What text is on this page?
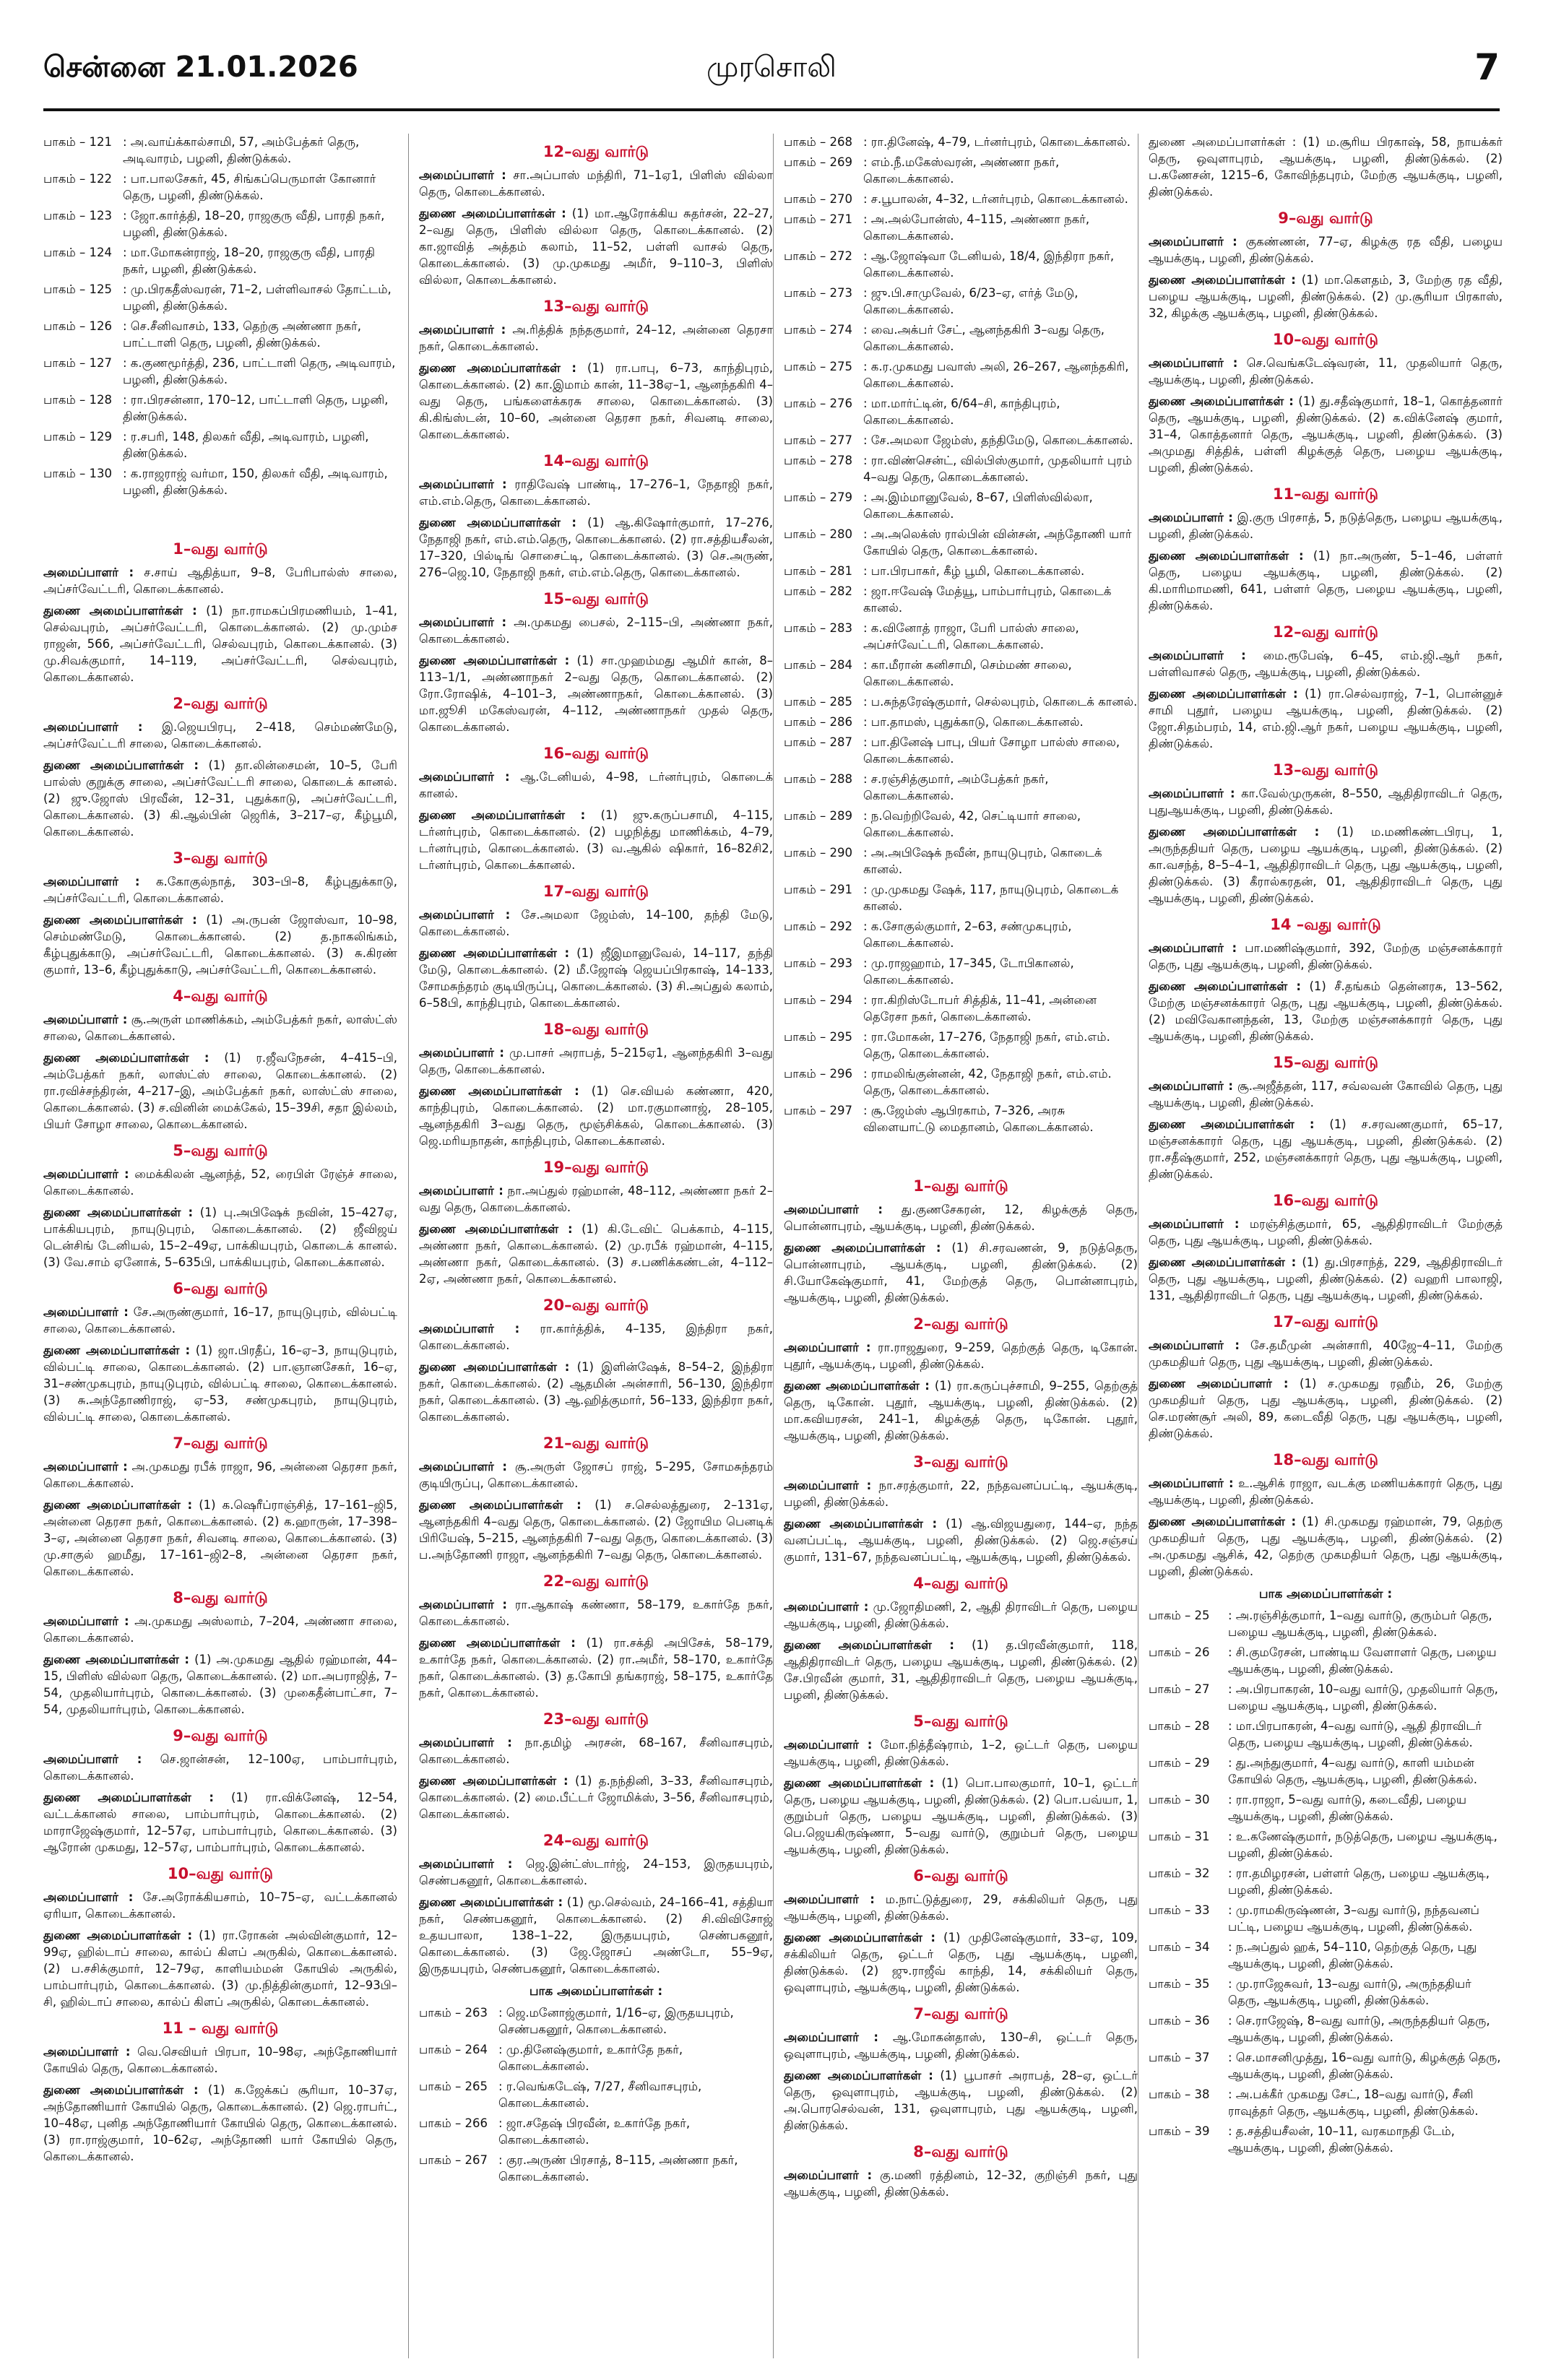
சென்னை 21.01.2026	முரசொலி	7
பாகம் – 121 : அ.வாய்க்கால்சாமி, 57, அம்பேத்கர் தெரு, அடிவாரம், பழனி, திண்டுக்கல்.
பாகம் – 122 : பா.பாலசேகர், 45, சிங்கப்பெருமாள் கோனார் தெரு, பழனி, திண்டுக்கல்.
பாகம் – 123 : ஜோ.கார்த்தி, 18–20, ராஜகுரு வீதி, பாரதி நகர், பழனி, திண்டுக்கல்.
பாகம் – 124 : மா.மோகன்ராஜ், 18–20, ராஜகுரு வீதி, பாரதி நகர், பழனி, திண்டுக்கல்.
பாகம் – 125 : மு.பிரகதீஸ்வரன், 71–2, பள்ளிவாசல் தோட்டம், பழனி, திண்டுக்கல்.
பாகம் – 126 : செ.சீனிவாசம், 133, தெற்கு அண்ணா நகர், பாட்டாளி தெரு, பழனி, திண்டுக்கல்.
பாகம் – 127 : க.குணமூர்த்தி, 236, பாட்டாளி தெரு, அடிவாரம், பழனி, திண்டுக்கல்.
பாகம் – 128 : ரா.பிரசன்னா, 170–12, பாட்டாளி தெரு, பழனி, திண்டுக்கல்.
பாகம் – 129 : ர.சபரி, 148, திலகர் வீதி, அடிவாரம், பழனி, திண்டுக்கல்.
பாகம் – 130 : க.ராஜராஜ் வர்மா, 150, திலகர் வீதி, அடிவாரம், பழனி, திண்டுக்கல்.
1–வது வார்டு
அமைப்பாளர் : ச.சாய் ஆதித்யா, 9–8, பேரிபால்ஸ் சாலை, அப்சர்வேட்டரி, கொடைக்கானல்.
துணை அமைப்பாளர்கள் : (1) நா.ராமகப்பிரமணியம், 1–41, செல்வபுரம், அப்சர்வேட்டரி, கொடைக்கானல். (2) மு.மும்ச ராஜன், 566, அப்சர்வேட்டரி, செல்வபுரம், கொடைக்கானல். (3) மு.சிவக்குமார், 14–119, அப்சர்வேட்டரி, செல்வபுரம், கொடைக்கானல்.
2–வது வார்டு
அமைப்பாளர் : இ.ஜெயபிரபு, 2–418, செம்மண்மேடு, அப்சர்வேட்டரி சாலை, கொடைக்கானல்.
துணை அமைப்பாளர்கள் : (1) தா.லின்சைமன், 10–5, பேரி பால்ஸ் குறுக்கு சாலை, அப்சர்வேட்டரி சாலை, கொடைக் கானல். (2) ஜு.ஜோஸ் பிரவீன், 12–31, புதுக்காடு, அப்சர்வேட்டரி, கொடைக்கானல். (3) கி.ஆல்பின் ஜெரிக், 3–217–ஏ, கீழ்பூமி, கொடைக்கானல்.
3–வது வார்டு
அமைப்பாளர் : க.கோகுல்நாத், 303–பி–8, கீழ்புதுக்காடு, அப்சர்வேட்டரி, கொடைக்கானல்.
துணை அமைப்பாளர்கள் : (1) அ.ருபன் ஜோஸ்வா, 10–98, செம்மண்மேடு, கொடைக்கானல். (2) த.நாகலிங்கம், கீழ்புதுக்காடு, அப்சர்வேட்டரி, கொடைக்கானல். (3) சு.கிரண் குமார், 13–6, கீழ்புதுக்காடு, அப்சர்வேட்டரி, கொடைக்கானல்.
4–வது வார்டு
அமைப்பாளர் : சூ.அருள் மாணிக்கம், அம்பேத்கர் நகர், லாஸ்ட்ஸ் சாலை, கொடைக்கானல்.
துணை அமைப்பாளர்கள் : (1) ர.ஜீவநேசன், 4–415–பி, அம்பேத்கர் நகர், லாஸ்ட்ஸ் சாலை, கொடைக்கானல். (2) ரா.ரவிச்சந்திரன், 4–217–இ, அம்பேத்கர் நகர், லாஸ்ட்ஸ் சாலை, கொடைக்கானல். (3) ச.வினின் மைக்கேல், 15–39சி, சதா இல்லம், பியர் சோழா சாலை, கொடைக்கானல்.
5–வது வார்டு
அமைப்பாளர் : மைக்கிலன் ஆனந்த், 52, ரைபிள் ரேஞ்ச் சாலை, கொடைக்கானல்.
துணை அமைப்பாளர்கள் : (1) பு.அபிஷேக் நவின், 15–427ஏ, பாக்கியபுரம், நாயுடுபுரம், கொடைக்கானல். (2) ஜீவிஜய் டென்சிங் டேனியல், 15–2–49ஏ, பாக்கியபுரம், கொடைக் கானல். (3) வே.சாம் ஏனோக், 5–635பி, பாக்கியபுரம், கொடைக்கானல்.
6–வது வார்டு
அமைப்பாளர் : சே.அருண்குமார், 16–17, நாயுடுபுரம், வில்பட்டி சாலை, கொடைக்கானல்.
துணை அமைப்பாளர்கள் : (1) ஜா.பிரதீப், 16–ஏ–3, நாயுடுபுரம், வில்பட்டி சாலை, கொடைக்கானல். (2) பா.ஞானசேகர், 16–ஏ, 31–சண்முகபுரம், நாயுடுபுரம், வில்பட்டி சாலை, கொடைக்கானல். (3) சு.அந்தோணிராஜ், ஏ–53, சண்முகபுரம், நாயுடுபுரம், வில்பட்டி சாலை, கொடைக்கானல்.
7–வது வார்டு
அமைப்பாளர் : அ.முகமது ரபீக் ராஜா, 96, அன்னை தெரசா நகர், கொடைக்கானல்.
துணை அமைப்பாளர்கள் : (1) க.ஷெரீப்ராஞ்சித், 17–161–ஜி5, அன்னை தெரசா நகர், கொடைக்கானல். (2) க.ஹாருன், 17–398–3–ஏ, அன்னை தெரசா நகர், சிவனடி சாலை, கொடைக்கானல். (3) மு.சாகுல் ஹமீது, 17–161–ஜி2–8, அன்னை தெரசா நகர், கொடைக்கானல்.
8–வது வார்டு
அமைப்பாளர் : அ.முகமது அஸ்லாம், 7–204, அண்ணா சாலை, கொடைக்கானல்.
துணை அமைப்பாளர்கள் : (1) அ.முகமது ஆதில் ரஹ்மான், 44–15, பிளிஸ் வில்லா தெரு, கொடைக்கானல். (2) மா.அபராஜித், 7–54, முதலியார்புரம், கொடைக்கானல். (3) முகைதீன்பாட்சா, 7–54, முதலியார்புரம், கொடைக்கானல்.
9–வது வார்டு
அமைப்பாளர் : செ.ஜான்சன், 12–100ஏ, பாம்பார்புரம், கொடைக்கானல்.
துணை அமைப்பாளர்கள் : (1) ரா.விக்னேஷ், 12–54, வட்டக்கானல் சாலை, பாம்பார்புரம், கொடைக்கானல். (2) மாராஜேஷ்குமார், 12–57ஏ, பாம்பார்புரம், கொடைக்கானல். (3) ஆரோன் முகமது, 12–57ஏ, பாம்பார்புரம், கொடைக்கானல்.
10–வது வார்டு
அமைப்பாளர் : சே.அரோக்கியசாம், 10–75–ஏ, வட்டக்கானல் ஏரியா, கொடைக்கானல்.
துணை அமைப்பாளர்கள் : (1) ரா.ரோகன் அல்வின்குமார், 12–99ஏ, ஹில்டாப் சாலை, கால்ப் கிளப் அருகில், கொடைக்கானல். (2) ப.சசிக்குமார், 12–79ஏ, காளியம்மன் கோயில் அருகில், பாம்பார்புரம், கொடைக்கானல். (3) மு.நித்தின்குமார், 12–93பி–சி, ஹில்டாப் சாலை, கால்ப் கிளப் அருகில், கொடைக்கானல்.
11 – வது வார்டு
அமைப்பாளர் : வெ.செவியர் பிரபா, 10–98ஏ, அந்தோணியார் கோயில் தெரு, கொடைக்கானல்.
துணை அமைப்பாளர்கள் : (1) க.ஜேக்கப் சூரியா, 10–37ஏ, அந்தோணியார் கோயில் தெரு, கொடைக்கானல். (2) ஜெ.ராபர்ட், 10–48ஏ, புனித அந்தோணியார் கோயில் தெரு, கொடைக்கானல். (3) ரா.ராஜ்குமார், 10–62ஏ, அந்தோணி யார் கோயில் தெரு, கொடைக்கானல்.
12–வது வார்டு
அமைப்பாளர் : சா.அப்பாஸ் மந்திரி, 71–1ஏ1, பிளிஸ் வில்லா தெரு, கொடைக்கானல்.
துணை அமைப்பாளர்கள் : (1) மா.ஆரோக்கிய சுதர்சன், 22–27, 2–வது தெரு, பிளிஸ் வில்லா தெரு, கொடைக்கானல். (2) கா.ஜாவித் அத்தம் கலாம், 11–52, பள்ளி வாசல் தெரு, கொடைக்கானல். (3) மு.முகமது அமீர், 9–110–3, பிளிஸ் வில்லா, கொடைக்கானல்.
13–வது வார்டு
அமைப்பாளர் : அ.ரித்திக் நந்தகுமார், 24–12, அன்னை தெரசா நகர், கொடைக்கானல்.
துணை அமைப்பாளர்கள் : (1) ரா.பாபு, 6–73, காந்திபுரம், கொடைக்கானல். (2) கா.இமாம் கான், 11–38ஏ–1, ஆனந்தகிரி 4–வது தெரு, பங்களைக்கரசு சாலை, கொடைக்கானல். (3) கி.கிங்ஸ்டன், 10–60, அன்னை தெரசா நகர், சிவனடி சாலை, கொடைக்கானல்.
14–வது வார்டு
அமைப்பாளர் : ராதிவேஷ் பாண்டி, 17–276–1, நேதாஜி நகர், எம்.எம்.தெரு, கொடைக்கானல்.
துணை அமைப்பாளர்கள் : (1) ஆ.கிஷோர்குமார், 17–276, நேதாஜி நகர், எம்.எம்.தெரு, கொடைக்கானல். (2) ரா.சத்தியசீலன், 17–320, பில்டிங் சொசைட்டி, கொடைக்கானல். (3) செ.அருண், 276–ஜெ.10, நேதாஜி நகர், எம்.எம்.தெரு, கொடைக்கானல்.
15–வது வார்டு
அமைப்பாளர் : அ.முகமது பைசல், 2–115–பி, அண்ணா நகர், கொடைக்கானல்.
துணை அமைப்பாளர்கள் : (1) சா.முஹம்மது ஆமிர் கான், 8–113–1/1, அண்ணாநகர் 2–வது தெரு, கொடைக்கானல். (2) ரோ.ரோஷிக், 4–101–3, அண்ணாநகர், கொடைக்கானல். (3) மா.ஜூசி மகேஸ்வரன், 4–112, அண்ணாநகர் முதல் தெரு, கொடைக்கானல்.
16–வது வார்டு
அமைப்பாளர் : ஆ.டேனியல், 4–98, டர்னர்புரம், கொடைக் கானல்.
துணை அமைப்பாளர்கள் : (1) ஜு.கருப்பசாமி, 4–115, டர்னர்புரம், கொடைக்கானல். (2) பழநித்து மாணிக்கம், 4–79, டர்னர்புரம், கொடைக்கானல். (3) வ.ஆகில் ஷிகார், 16–82சி2, டர்னர்புரம், கொடைக்கானல்.
17–வது வார்டு
அமைப்பாளர் : சே.அமலா ஜேம்ஸ், 14–100, தந்தி மேடு, கொடைக்கானல்.
துணை அமைப்பாளர்கள் : (1) ஜீஇமானுவேல், 14–117, தந்தி மேடு, கொடைக்கானல். (2) மீ.ஜோஷ் ஜெயப்பிரகாஷ், 14–133, சோமசுந்தரம் குடியிருப்பு, கொடைக்கானல். (3) சி.அப்துல் கலாம், 6–58பி, காந்திபுரம், கொடைக்கானல்.
18–வது வார்டு
அமைப்பாளர் : மு.பாசர் அராபத், 5–215ஏ1, ஆனந்தகிரி 3–வது தெரு, கொடைக்கானல்.
துணை அமைப்பாளர்கள் : (1) செ.வியல் கண்ணா, 420, காந்திபுரம், கொடைக்கானல். (2) மா.ரகுமானாஜ், 28–105, ஆனந்தகிரி 3–வது தெரு, மூஞ்சிக்கல், கொடைக்கானல். (3) ஜெ.மரியநாதன், காந்திபுரம், கொடைக்கானல்.
19–வது வார்டு
அமைப்பாளர் : நா.அப்துல் ரஹ்மான், 48–112, அண்ணா நகர் 2–வது தெரு, கொடைக்கானல்.
துணை அமைப்பாளர்கள் : (1) கி.டேவிட் பெக்காம், 4–115, அண்ணா நகர், கொடைக்கானல். (2) மு.ரபீக் ரஹ்மான், 4–115, அண்ணா நகர், கொடைக்கானல். (3) ச.பணிக்கண்டன், 4–112–2ஏ, அண்ணா நகர், கொடைக்கானல்.
20–வது வார்டு
அமைப்பாளர் : ரா.கார்த்திக், 4–135, இந்திரா நகர், கொடைக்கானல்.
துணை அமைப்பாளர்கள் : (1) இளின்ஷேக், 8–54–2, இந்திரா நகர், கொடைக்கானல். (2) ஆதமின் அன்சாரி, 56–130, இந்திரா நகர், கொடைக்கானல். (3) ஆ.ஹித்குமார், 56–133, இந்திரா நகர், கொடைக்கானல்.
21–வது வார்டு
அமைப்பாளர் : சூ.அருள் ஜோசப் ராஜ், 5–295, சோமசுந்தரம் குடியிருப்பு, கொடைக்கானல்.
துணை அமைப்பாளர்கள் : (1) ச.செல்லத்துரை, 2–131ஏ, ஆனந்தகிரி 4–வது தெரு, கொடைக்கானல். (2) ஜோயிம பெனடிக் பிரியேஷ், 5–215, ஆனந்தகிரி 7–வது தெரு, கொடைக்கானல். (3) ப.அந்தோணி ராஜா, ஆனந்தகிரி 7–வது தெரு, கொடைக்கானல்.
22–வது வார்டு
அமைப்பாளர் : ரா.ஆகாஷ் கண்ணா, 58–179, உகார்தே நகர், கொடைக்கானல்.
துணை அமைப்பாளர்கள் : (1) ரா.சக்தி அபிசேக், 58–179, உகார்தே நகர், கொடைக்கானல். (2) ரா.அமீர், 58–170, உகார்தே நகர், கொடைக்கானல். (3) த.கோபி தங்கராஜ், 58–175, உகார்தே நகர், கொடைக்கானல்.
23–வது வார்டு
அமைப்பாளர் : நா.தமிழ் அரசன், 68–167, சீனிவாசபுரம், கொடைக்கானல்.
துணை அமைப்பாளர்கள் : (1) த.நந்தினி, 3–33, சீனிவாசபுரம், கொடைக்கானல். (2) மை.பீட்டர் ஜோமிக்ஸ், 3–56, சீனிவாசபுரம், கொடைக்கானல்.
24–வது வார்டு
அமைப்பாளர் : ஜெ.இன்ட்ஸ்டார்ஜ், 24–153, இருதயபுரம், செண்பகனூர், கொடைக்கானல்.
துணை அமைப்பாளர்கள் : (1) மூ.செல்வம், 24–166–41, சத்தியா நகர், செண்பகனூர், கொடைக்கானல். (2) சி.விவிசோஜ் உதயபாலா, 138–1–22, இருதயபுரம், செண்பகனூர், கொடைக்கானல். (3) ஜே.ஜோசப் அண்டோ, 55–9ஏ, இருதயபுரம், செண்பகனூர், கொடைக்கானல்.
பாக அமைப்பாளர்கள் :
பாகம் – 263 : ஜெ.மனோஜ்குமார், 1/16–ஏ, இருதயபுரம், செண்பகனூர், கொடைக்கானல்.
பாகம் – 264 : மு.தினேஷ்குமார், உகார்தே நகர், கொடைக்கானல்.
பாகம் – 265 : ர.வெங்கடேஷ், 7/27, சீனிவாசபுரம், கொடைக்கானல்.
பாகம் – 266 : ஜா.சதேஷ் பிரவீன், உகார்தே நகர், கொடைக்கானல்.
பாகம் – 267 : குர.அருண் பிரசாத், 8–115, அண்ணா நகர், கொடைக்கானல்.
பாகம் – 268 : ரா.தினேஷ், 4–79, டர்னர்புரம், கொடைக்கானல்.
பாகம் – 269 : எம்.நீ.மகேஸ்வரன், அண்ணா நகர், கொடைக்கானல்.
பாகம் – 270 : ச.பூபாலன், 4–32, டர்னர்புரம், கொடைக்கானல்.
பாகம் – 271 : அ.அல்போன்ஸ், 4–115, அண்ணா நகர், கொடைக்கானல்.
பாகம் – 272 : ஆ.ஜோஷ்வா டேனியல், 18/4, இந்திரா நகர், கொடைக்கானல்.
பாகம் – 273 : ஜு.பி.சாமுவேல், 6/23–ஏ, எர்த் மேடு, கொடைக்கானல்.
பாகம் – 274 : வை.அக்பர் சேட், ஆனந்தகிரி 3–வது தெரு, கொடைக்கானல்.
பாகம் – 275 : க.ர.முகமது பவாஸ் அலி, 26–267, ஆனந்தகிரி, கொடைக்கானல்.
பாகம் – 276 : மா.மார்ட்டின், 6/64–சி, காந்திபுரம், கொடைக்கானல்.
பாகம் – 277 : சே.அமலா ஜேம்ஸ், தந்திமேடு, கொடைக்கானல்.
பாகம் – 278 : ரா.விண்சென்ட், வில்பிஸ்குமார், முதலியார் புரம் 4–வது தெரு, கொடைக்கானல்.
பாகம் – 279 : அ.இம்மானுவேல், 8–67, பிளிஸ்வில்லா, கொடைக்கானல்.
பாகம் – 280 : அ.அலெக்ஸ் ரால்பின் வின்சன், அந்தோணி யார் கோயில் தெரு, கொடைக்கானல்.
பாகம் – 281 : பா.பிரபாகர், கீழ் பூமி, கொடைக்கானல்.
பாகம் – 282 : ஜா.ஈவேஷ் மேத்யூ, பாம்பார்புரம், கொடைக் கானல்.
பாகம் – 283 : க.வினோத் ராஜா, பேரி பால்ஸ் சாலை, அப்சர்வேட்டரி, கொடைக்கானல்.
பாகம் – 284 : கா.மீரான் கனிசாமி, செம்மண் சாலை, கொடைக்கானல்.
பாகம் – 285 : ப.சுந்தரேஷ்குமார், செல்லபுரம், கொடைக் கானல்.
பாகம் – 286 : பா.தாமஸ், புதுக்காடு, கொடைக்கானல்.
பாகம் – 287 : பா.தினேஷ் பாபு, பியர் சோழா பால்ஸ் சாலை, கொடைக்கானல்.
பாகம் – 288 : ச.ரஞ்சித்குமார், அம்பேத்கர் நகர், கொடைக்கானல்.
பாகம் – 289 : ந.வெற்றிவேல், 42, செட்டியார் சாலை, கொடைக்கானல்.
பாகம் – 290 : அ.அபிஷேக் நவீன், நாயுடுபுரம், கொடைக் கானல்.
பாகம் – 291 : மு.முகமது ஷேக், 117, நாயுடுபுரம், கொடைக் கானல்.
பாகம் – 292 : க.சோகுல்குமார், 2–63, சண்முகபுரம், கொடைக்கானல்.
பாகம் – 293 : மு.ராஜஹாம், 17–345, டோபிகானல், கொடைக்கானல்.
பாகம் – 294 : ரா.கிறிஸ்டோபர் சித்திக், 11–41, அன்னை தெரேசா நகர், கொடைக்கானல்.
பாகம் – 295 : ரா.மோகன், 17–276, நேதாஜி நகர், எம்.எம். தெரு, கொடைக்கானல்.
பாகம் – 296 : ராமலிங்குன்னன், 42, நேதாஜி நகர், எம்.எம். தெரு, கொடைக்கானல்.
பாகம் – 297 : சூ.ஜேம்ஸ் ஆபிரகாம், 7–326, அரசு விளையாட்டு மைதானம், கொடைக்கானல்.
1–வது வார்டு
அமைப்பாளர் : து.குணசேகரன், 12, கிழக்குத் தெரு, பொன்னாபுரம், ஆயக்குடி, பழனி, திண்டுக்கல்.
துணை அமைப்பாளர்கள் : (1) சி.சரவணன், 9, நடுத்தெரு, பொன்னாபுரம், ஆயக்குடி, பழனி, திண்டுக்கல். (2) சி.யோகேஷ்குமார், 41, மேற்குத் தெரு, பொன்னாபுரம், ஆயக்குடி, பழனி, திண்டுக்கல்.
2–வது வார்டு
அமைப்பாளர் : ரா.ராஜதுரை, 9–259, தெற்குத் தெரு, டிகோன். புதூர், ஆயக்குடி, பழனி, திண்டுக்கல்.
துணை அமைப்பாளர்கள் : (1) ரா.கருப்புச்சாமி, 9–255, தெற்குத் தெரு, டிகோன். புதூர், ஆயக்குடி, பழனி, திண்டுக்கல். (2) மா.கவியரசன், 241–1, கிழக்குத் தெரு, டிகோன். புதூர், ஆயக்குடி, பழனி, திண்டுக்கல்.
3–வது வார்டு
அமைப்பாளர் : நா.சரத்குமார், 22, நந்தவனப்பட்டி, ஆயக்குடி, பழனி, திண்டுக்கல்.
துணை அமைப்பாளர்கள் : (1) ஆ.விஜயதுரை, 144–ஏ, நந்த வனப்பட்டி, ஆயக்குடி, பழனி, திண்டுக்கல். (2) ஜெ.சஞ்சய் குமார், 131–67, நந்தவனப்பட்டி, ஆயக்குடி, பழனி, திண்டுக்கல்.
4–வது வார்டு
அமைப்பாளர் : மு.ஜோதிமணி, 2, ஆதி திராவிடர் தெரு, பழைய ஆயக்குடி, பழனி, திண்டுக்கல்.
துணை அமைப்பாளர்கள் : (1) த.பிரவீன்குமார், 118, ஆதிதிராவிடர் தெரு, பழைய ஆயக்குடி, பழனி, திண்டுக்கல். (2) சே.பிரவீன் குமார், 31, ஆதிதிராவிடர் தெரு, பழைய ஆயக்குடி, பழனி, திண்டுக்கல்.
5–வது வார்டு
அமைப்பாளர் : மோ.நித்தீஷ்ராம், 1–2, ஒட்டர் தெரு, பழைய ஆயக்குடி, பழனி, திண்டுக்கல்.
துணை அமைப்பாளர்கள் : (1) பொ.பாலகுமார், 10–1, ஒட்டர் தெரு, பழைய ஆயக்குடி, பழனி, திண்டுக்கல். (2) பொ.பவ்யா, 1, குறும்பர் தெரு, பழைய ஆயக்குடி, பழனி, திண்டுக்கல். (3) பெ.ஜெயகிருஷ்ணா, 5–வது வார்டு, குறும்பர் தெரு, பழைய ஆயக்குடி, பழனி, திண்டுக்கல்.
6–வது வார்டு
அமைப்பாளர் : ம.நாட்டுத்துரை, 29, சக்கிலியர் தெரு, புது ஆயக்குடி, பழனி, திண்டுக்கல்.
துணை அமைப்பாளர்கள் : (1) முதினேஷ்குமார், 33–ஏ, 109, சக்கிலியர் தெரு, ஒட்டர் தெரு, புது ஆயக்குடி, பழனி, திண்டுக்கல். (2) ஜு.ராஜீவ் காந்தி, 14, சக்கிலியர் தெரு, ஒவுளாபுரம், ஆயக்குடி, பழனி, திண்டுக்கல்.
7–வது வார்டு
அமைப்பாளர் : ஆ.மோகன்தாஸ், 130–சி, ஒட்டர் தெரு, ஒவுளாபுரம், ஆயக்குடி, பழனி, திண்டுக்கல்.
துணை அமைப்பாளர்கள் : (1) பூபாசர் அராபத், 28–ஏ, ஒட்டர் தெரு, ஒவுளாபுரம், ஆயக்குடி, பழனி, திண்டுக்கல். (2) அ.பொரசெல்வன், 131, ஒவுளாபுரம், புது ஆயக்குடி, பழனி, திண்டுக்கல்.
8–வது வார்டு
அமைப்பாளர் : கு.மணி ரத்தினம், 12–32, குறிஞ்சி நகர், புது ஆயக்குடி, பழனி, திண்டுக்கல்.
துணை அமைப்பாளர்கள் : (1) ம.சூரிய பிரகாஷ், 58, நாயக்கர் தெரு, ஒவுளாபுரம், ஆயக்குடி, பழனி, திண்டுக்கல். (2) ப.கணேசன், 1215–6, கோவிந்தபுரம், மேற்கு ஆயக்குடி, பழனி, திண்டுக்கல்.
9–வது வார்டு
அமைப்பாளர் : குகண்ணன், 77–ஏ, கிழக்கு ரத வீதி, பழைய ஆயக்குடி, பழனி, திண்டுக்கல்.
துணை அமைப்பாளர்கள் : (1) மா.கௌதம், 3, மேற்கு ரத வீதி, பழைய ஆயக்குடி, பழனி, திண்டுக்கல். (2) மு.சூரியா பிரகாஸ், 32, கிழக்கு ஆயக்குடி, பழனி, திண்டுக்கல்.
10–வது வார்டு
அமைப்பாளர் : செ.வெங்கடேஷ்வரன், 11, முதலியார் தெரு, ஆயக்குடி, பழனி, திண்டுக்கல்.
துணை அமைப்பாளர்கள் : (1) து.சதீஷ்குமார், 18–1, கொத்தனார் தெரு, ஆயக்குடி, பழனி, திண்டுக்கல். (2) க.விக்னேஷ் குமார், 31–4, கொத்தனார் தெரு, ஆயக்குடி, பழனி, திண்டுக்கல். (3) அமுமது சித்திக், பள்ளி கிழக்குத் தெரு, பழைய ஆயக்குடி, பழனி, திண்டுக்கல்.
11–வது வார்டு
அமைப்பாளர் : இ.குரு பிரசாத், 5, நடுத்தெரு, பழைய ஆயக்குடி, பழனி, திண்டுக்கல்.
துணை அமைப்பாளர்கள் : (1) நா.அருண், 5–1–46, பள்ளர் தெரு, பழைய ஆயக்குடி, பழனி, திண்டுக்கல். (2) கி.மாரிமாமணி, 641, பள்ளர் தெரு, பழைய ஆயக்குடி, பழனி, திண்டுக்கல்.
12–வது வார்டு
அமைப்பாளர் : மை.ரூபேஷ், 6–45, எம்.ஜி.ஆர் நகர், பள்ளிவாசல் தெரு, ஆயக்குடி, பழனி, திண்டுக்கல்.
துணை அமைப்பாளர்கள் : (1) ரா.செல்வராஜ், 7–1, பொன்னுச் சாமி புதூர், பழைய ஆயக்குடி, பழனி, திண்டுக்கல். (2) ஜோ.சிதம்பரம், 14, எம்.ஜி.ஆர் நகர், பழைய ஆயக்குடி, பழனி, திண்டுக்கல்.
13–வது வார்டு
அமைப்பாளர் : கா.வேல்முருகன், 8–550, ஆதிதிராவிடர் தெரு, புதுஆயக்குடி, பழனி, திண்டுக்கல்.
துணை அமைப்பாளர்கள் : (1) ம.மணிகண்டபிரபு, 1, அருந்ததியர் தெரு, பழைய ஆயக்குடி, பழனி, திண்டுக்கல். (2) கா.வசந்த், 8–5–4–1, ஆதிதிராவிடர் தெரு, புது ஆயக்குடி, பழனி, திண்டுக்கல். (3) கீரால்கரதன், 01, ஆதிதிராவிடர் தெரு, புது ஆயக்குடி, பழனி, திண்டுக்கல்.
14 –வது வார்டு
அமைப்பாளர் : பா.மணிஷ்குமார், 392, மேற்கு மஞ்சனக்காரர் தெரு, புது ஆயக்குடி, பழனி, திண்டுக்கல்.
துணை அமைப்பாளர்கள் : (1) சீ.தங்கம் தென்னரசு, 13–562, மேற்கு மஞ்சனக்காரர் தெரு, புது ஆயக்குடி, பழனி, திண்டுக்கல். (2) மவிவேகானந்தன், 13, மேற்கு மஞ்சனக்காரர் தெரு, புது ஆயக்குடி, பழனி, திண்டுக்கல்.
15–வது வார்டு
அமைப்பாளர் : சூ.அஜீத்தன், 117, சவ்லவன் கோவில் தெரு, புது ஆயக்குடி, பழனி, திண்டுக்கல்.
துணை அமைப்பாளர்கள் : (1) ச.சரவணகுமார், 65–17, மஞ்சனக்காரர் தெரு, புது ஆயக்குடி, பழனி, திண்டுக்கல். (2) ரா.சதீஷ்குமார், 252, மஞ்சனக்காரர் தெரு, புது ஆயக்குடி, பழனி, திண்டுக்கல்.
16–வது வார்டு
அமைப்பாளர் : மரஞ்சித்குமார், 65, ஆதிதிராவிடர் மேற்குத் தெரு, புது ஆயக்குடி, பழனி, திண்டுக்கல்.
துணை அமைப்பாளர்கள் : (1) து.பிரசாந்த், 229, ஆதிதிராவிடர் தெரு, புது ஆயக்குடி, பழனி, திண்டுக்கல். (2) வஹரி பாலாஜி, 131, ஆதிதிராவிடர் தெரு, புது ஆயக்குடி, பழனி, திண்டுக்கல்.
17–வது வார்டு
அமைப்பாளர் : சே.தமீமுன் அன்சாரி, 40ஜே–4–11, மேற்கு முகமதியர் தெரு, புது ஆயக்குடி, பழனி, திண்டுக்கல்.
துணை அமைப்பாளர் : (1) ச.முகமது ரஹீம், 26, மேற்கு முகமதியர் தெரு, புது ஆயக்குடி, பழனி, திண்டுக்கல். (2) செ.மரண்சூர் அலி, 89, கடைவீதி தெரு, புது ஆயக்குடி, பழனி, திண்டுக்கல்.
18–வது வார்டு
அமைப்பாளர் : உ.ஆசிக் ராஜா, வடக்கு மணியக்காரர் தெரு, புது ஆயக்குடி, பழனி, திண்டுக்கல்.
துணை அமைப்பாளர்கள் : (1) சி.முகமது ரஹ்மான், 79, தெற்கு முகமதியர் தெரு, புது ஆயக்குடி, பழனி, திண்டுக்கல். (2) அ.முகமது ஆசிக், 42, தெற்கு முகமதியர் தெரு, புது ஆயக்குடி, பழனி, திண்டுக்கல்.
பாக அமைப்பாளர்கள் :
பாகம் – 25	: அ.ரஞ்சித்குமார், 1–வது வார்டு, குரும்பர் தெரு, பழைய ஆயக்குடி, பழனி, திண்டுக்கல்.
பாகம் – 26	: சி.குமரேசன், பாண்டிய வேளாளர் தெரு, பழைய ஆயக்குடி, பழனி, திண்டுக்கல்.
பாகம் – 27	: அ.பிரபாகரன், 10–வது வார்டு, முதலியார் தெரு, பழைய ஆயக்குடி, பழனி, திண்டுக்கல்.
பாகம் – 28	: மா.பிரபாகரன், 4–வது வார்டு, ஆதி திராவிடர் தெரு, பழைய ஆயக்குடி, பழனி, திண்டுக்கல்.
பாகம் – 29	: து.அந்துகுமார், 4–வது வார்டு, காளி யம்மன் கோயில் தெரு, ஆயக்குடி, பழனி, திண்டுக்கல்.
பாகம் – 30	: ரா.ராஜா, 5–வது வார்டு, கடைவீதி, பழைய ஆயக்குடி, பழனி, திண்டுக்கல்.
பாகம் – 31	: உ.கணேஷ்குமார், நடுத்தெரு, பழைய ஆயக்குடி, பழனி, திண்டுக்கல்.
பாகம் – 32	: ரா.தமிழரசன், பள்ளர் தெரு, பழைய ஆயக்குடி, பழனி, திண்டுக்கல்.
பாகம் – 33	: மு.ராமகிருஷ்ணன், 3–வது வார்டு, நந்தவனப் பட்டி, பழைய ஆயக்குடி, பழனி, திண்டுக்கல்.
பாகம் – 34	: ந.அப்துல் ஹக், 54–110, தெற்குத் தெரு, புது ஆயக்குடி, பழனி, திண்டுக்கல்.
பாகம் – 35	: மு.ராஜேசுவர், 13–வது வார்டு, அருந்ததியர் தெரு, ஆயக்குடி, பழனி, திண்டுக்கல்.
பாகம் – 36	: செ.ராஜேஷ், 8–வது வார்டு, அருந்ததியர் தெரு, ஆயக்குடி, பழனி, திண்டுக்கல்.
பாகம் – 37	: செ.மாசனிமுத்து, 16–வது வார்டு, கிழக்குத் தெரு, ஆயக்குடி, பழனி, திண்டுக்கல்.
பாகம் – 38	: அ.பக்கீர் முகமது சேட், 18–வது வார்டு, சீனி ராவுத்தர் தெரு, ஆயக்குடி, பழனி, திண்டுக்கல்.
பாகம் – 39	: த.சத்தியசீலன், 10–11, வரகமாநதி டேம், ஆயக்குடி, பழனி, திண்டுக்கல்.
